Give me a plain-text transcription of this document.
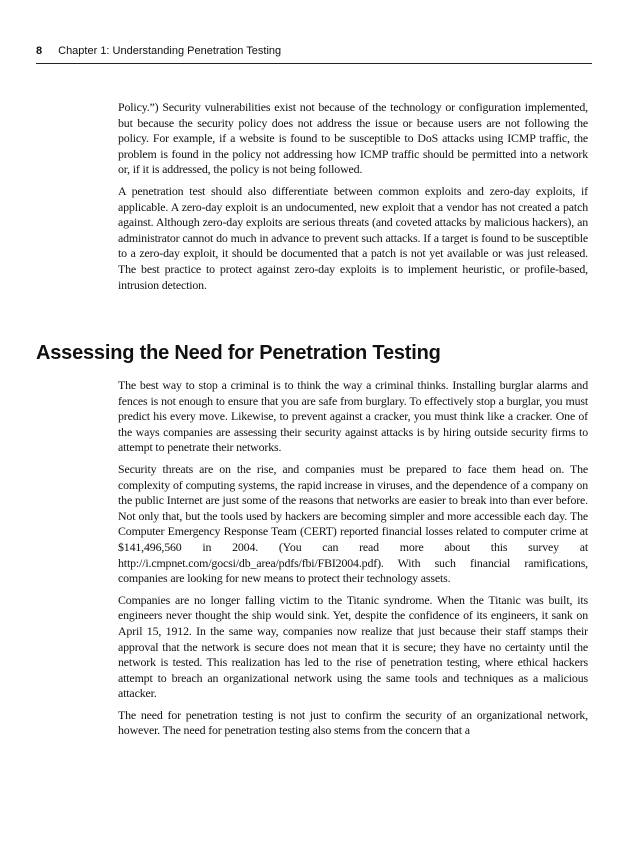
8 Chapter 1: Understanding Penetration Testing

Policy.”) Security vulnerabilities exist not because of the technology or configuration implemented, but because the security policy does not address the issue or because users are not following the policy. For example, if a website is found to be susceptible to DoS attacks using ICMP traffic, the problem is found in the policy not addressing how ICMP traffic should be permitted into a network or, if it is addressed, the policy is not being followed.

A penetration test should also differentiate between common exploits and zero-day exploits, if applicable. A zero-day exploit is an undocumented, new exploit that a vendor has not created a patch against. Although zero-day exploits are serious threats (and coveted attacks by malicious hackers), an administrator cannot do much in advance to prevent such attacks. If a target is found to be susceptible to a zero-day exploit, it should be documented that a patch is not yet available or was just released. The best practice to protect against zero-day exploits is to implement heuristic, or profile-based, intrusion detection.

Assessing the Need for Penetration Testing

The best way to stop a criminal is to think the way a criminal thinks. Installing burglar alarms and fences is not enough to ensure that you are safe from burglary. To effectively stop a burglar, you must predict his every move. Likewise, to prevent against a cracker, you must think like a cracker. One of the ways companies are assessing their security against attacks is by hiring outside security firms to attempt to penetrate their networks.

Security threats are on the rise, and companies must be prepared to face them head on. The complexity of computing systems, the rapid increase in viruses, and the dependence of a company on the public Internet are just some of the reasons that networks are easier to break into than ever before. Not only that, but the tools used by hackers are becoming simpler and more accessible each day. The Computer Emergency Response Team (CERT) reported financial losses related to computer crime at $141,496,560 in 2004. (You can read more about this survey at http://i.cmpnet.com/gocsi/db_area/pdfs/fbi/FBI2004.pdf). With such financial ramifications, companies are looking for new means to protect their technology assets.

Companies are no longer falling victim to the Titanic syndrome. When the Titanic was built, its engineers never thought the ship would sink. Yet, despite the confidence of its engineers, it sank on April 15, 1912. In the same way, companies now realize that just because their staff stamps their approval that the network is secure does not mean that it is secure; they have no certainty until the network is tested. This realization has led to the rise of penetration testing, where ethical hackers attempt to breach an organizational network using the same tools and techniques as a malicious attacker.

The need for penetration testing is not just to confirm the security of an organizational network, however. The need for penetration testing also stems from the concern that a
